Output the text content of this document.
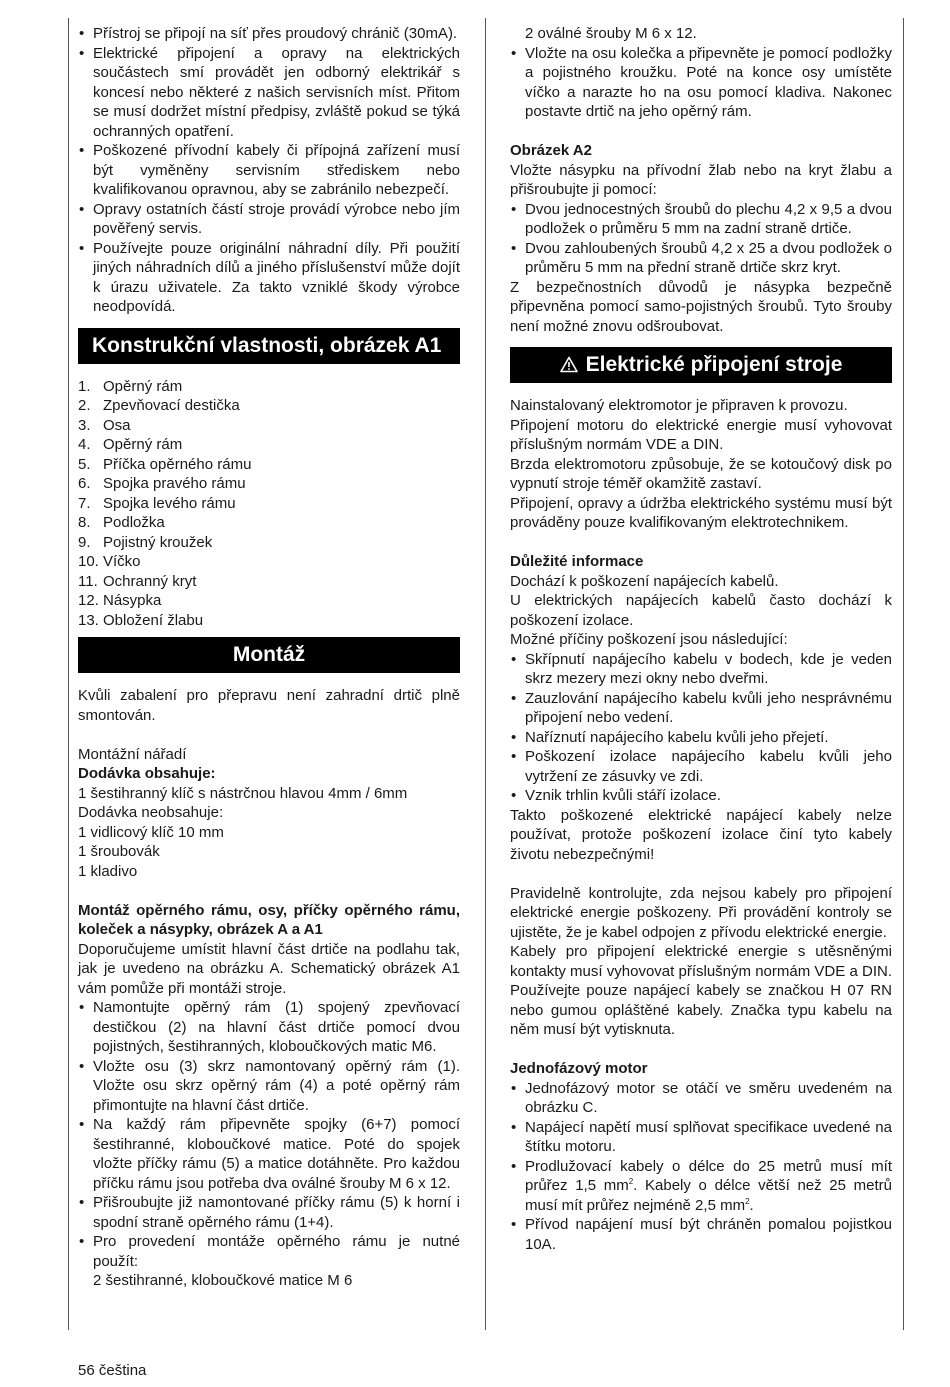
• Přístroj se připojí na síť přes proudový chránič (30mA).
• Elektrické připojení a opravy na elektrických součástech smí provádět jen odborný elektrikář s koncesí nebo některé z našich servisních míst. Přitom se musí dodržet místní předpisy, zvláště pokud se týká ochranných opatření.
• Poškozené přívodní kabely či přípojná zařízení musí být vyměněny servisním střediskem nebo kvalifikovanou opravnou, aby se zabránilo nebezpečí.
• Opravy ostatních částí stroje provádí výrobce nebo jím pověřený servis.
• Používejte pouze originální náhradní díly. Při použití jiných náhradních dílů a jiného příslušenství může dojít k úrazu uživatele. Za takto vzniklé škody výrobce neodpovídá.
Konstrukční vlastnosti, obrázek A1
1. Opěrný rám
2. Zpevňovací destička
3. Osa
4. Opěrný rám
5. Příčka opěrného rámu
6. Spojka pravého rámu
7. Spojka levého rámu
8. Podložka
9. Pojistný kroužek
10. Víčko
11. Ochranný kryt
12. Násypka
13. Obložení žlabu
Montáž

Kvůli zabalení pro přepravu není zahradní drtič plně smontován.

Montážní nářadí

Dodávka obsahuje:

1 šestihranný klíč s nástrčnou hlavou 4mm / 6mm

Dodávka neobsahuje:

1 vidlicový klíč 10 mm

1 šroubovák

1 kladivo

Montáž opěrného rámu, osy, příčky opěrného rámu, koleček a násypky, obrázek A a A1

Doporučujeme umístit hlavní část drtiče na podlahu tak, jak je uvedeno na obrázku A. Schematický obrázek A1 vám pomůže při montáži stroje.

• Namontujte opěrný rám (1) spojený zpevňovací destičkou (2) na hlavní část drtiče pomocí dvou pojistných, šestihranných, kloboučkových matic M6.
• Vložte osu (3) skrz namontovaný opěrný rám (1). Vložte osu skrz opěrný rám (4) a poté opěrný rám přimontujte na hlavní část drtiče.
• Na každý rám připevněte spojky (6+7) pomocí šestihranné, kloboučkové matice. Poté do spojek vložte příčky rámu (5) a matice dotáhněte. Pro každou příčku rámu jsou potřeba dva oválné šrouby M 6 x 12.
• Přišroubujte již namontované příčky rámu (5) k horní i spodní straně opěrného rámu (1+4).
• Pro provedení montáže opěrného rámu je nutné použít:

2 šestihranné, kloboučkové matice M 6

2 oválné šrouby M 6 x 12.

• Vložte na osu kolečka a připevněte je pomocí podložky a pojistného kroužku. Poté na konce osy umístěte víčko a narazte ho na osu pomocí kladiva. Nakonec postavte drtič na jeho opěrný rám.

Obrázek A2

Vložte násypku na přívodní žlab nebo na kryt žlabu a přišroubujte ji pomocí:

• Dvou jednocestných šroubů do plechu 4,2 x 9,5 a dvou podložek o průměru 5 mm na zadní straně drtiče.
• Dvou zahloubených šroubů 4,2 x 25 a dvou podložek o průměru 5 mm na přední straně drtiče skrz kryt.

Z bezpečnostních důvodů je násypka bezpečně připevněna pomocí samo-pojistných šroubů. Tyto šrouby není možné znovu odšroubovat.

Elektrické připojení stroje

Nainstalovaný elektromotor je připraven k provozu.

Připojení motoru do elektrické energie musí vyhovovat příslušným normám VDE a DIN.

Brzda elektromotoru způsobuje, že se kotoučový disk po vypnutí stroje téměř okamžitě zastaví.

Připojení, opravy a údržba elektrického systému musí být prováděny pouze kvalifikovaným elektrotechnikem.

Důležité informace

Dochází k poškození napájecích kabelů.

U elektrických napájecích kabelů často dochází k poškození izolace.

Možné příčiny poškození jsou následující:

• Skřípnutí napájecího kabelu v bodech, kde je veden skrz mezery mezi okny nebo dveřmi.
• Zauzlování napájecího kabelu kvůli jeho nesprávnému připojení nebo vedení.
• Naříznutí napájecího kabelu kvůli jeho přejetí.
• Poškození izolace napájecího kabelu kvůli jeho vytržení ze zásuvky ve zdi.
• Vznik trhlin kvůli stáří izolace.

Takto poškozené elektrické napájecí kabely nelze používat, protože poškození izolace činí tyto kabely životu nebezpečnými!

Pravidelně kontrolujte, zda nejsou kabely pro připojení elektrické energie poškozeny. Při provádění kontroly se ujistěte, že je kabel odpojen z přívodu elektrické energie.

Kabely pro připojení elektrické energie s utěsněnými kontakty musí vyhovovat příslušným normám VDE a DIN. Používejte pouze napájecí kabely se značkou H 07 RN nebo gumou opláštěné kabely. Značka typu kabelu na něm musí být vytisknuta.

Jednofázový motor

• Jednofázový motor se otáčí ve směru uvedeném na obrázku C.
• Napájecí napětí musí splňovat specifikace uvedené na štítku motoru.
• Prodlužovací kabely o délce do 25 metrů musí mít průřez 1,5 $mm^2$. Kabely o délce větší než 25 metrů musí mít průřez nejméně 2,5 $mm^2$.
• Přívod napájení musí být chráněn pomalou pojistkou 10A.
56 čeština
